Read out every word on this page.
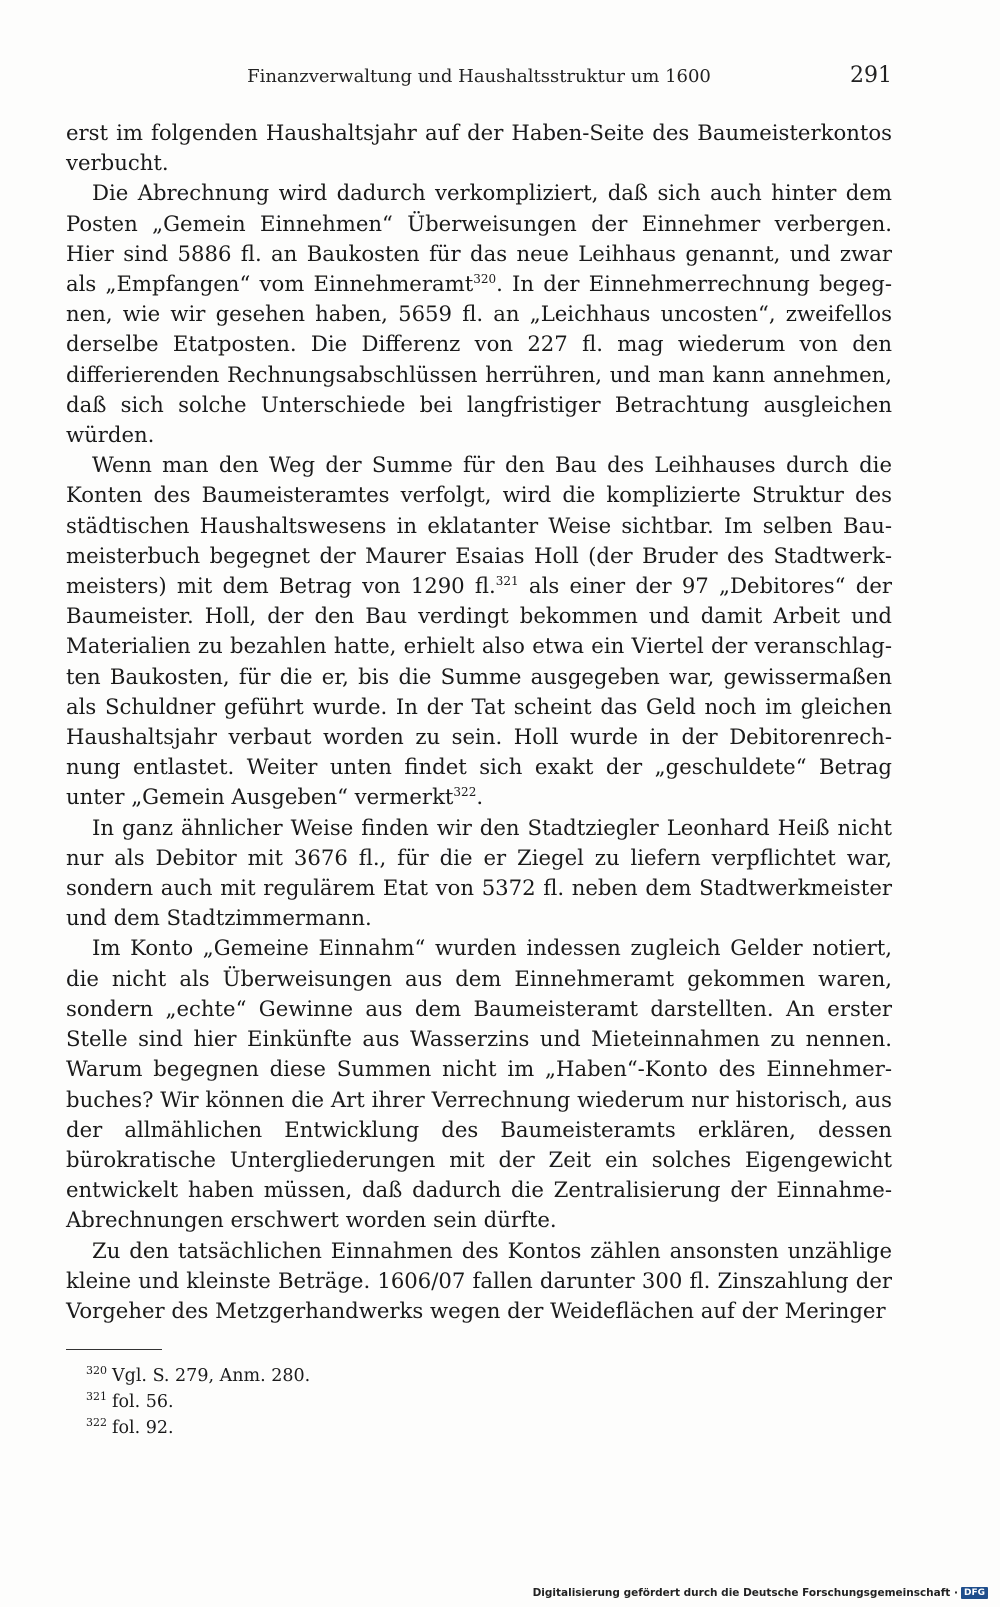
Finanzverwaltung und Haushaltsstruktur um 1600	291

erst im folgenden Haushaltsjahr auf der Haben-Seite des Baumeisterkontos verbucht.

Die Abrechnung wird dadurch verkompliziert, daß sich auch hinter dem Posten „Gemein Einnehmen“ Überweisungen der Einnehmer verbergen. Hier sind 5886 fl. an Baukosten für das neue Leihhaus genannt, und zwar als „Empfangen“ vom Einnehmeramt$^{320}$. In der Einnehmerrechnung begegnen, wie wir gesehen haben, 5659 fl. an „Leichhaus uncosten“, zweifellos derselbe Etatposten. Die Differenz von 227 fl. mag wiederum von den differierenden Rechnungsabschlüssen herrühren, und man kann annehmen, daß sich solche Unterschiede bei langfristiger Betrachtung ausgleichen würden.

Wenn man den Weg der Summe für den Bau des Leihhauses durch die Konten des Baumeisteramtes verfolgt, wird die komplizierte Struktur des städtischen Haushaltswesens in eklatanter Weise sichtbar. Im selben Baumeisterbuch begegnet der Maurer Esaias Holl (der Bruder des Stadtwerkmeisters) mit dem Betrag von 1290 fl.$^{321}$ als einer der 97 „Debitores“ der Baumeister. Holl, der den Bau verdingt bekommen und damit Arbeit und Materialien zu bezahlen hatte, erhielt also etwa ein Viertel der veranschlagten Baukosten, für die er, bis die Summe ausgegeben war, gewissermaßen als Schuldner geführt wurde. In der Tat scheint das Geld noch im gleichen Haushaltsjahr verbaut worden zu sein. Holl wurde in der Debitorenrechnung entlastet. Weiter unten findet sich exakt der „geschuldete“ Betrag unter „Gemein Ausgeben“ vermerkt$^{322}$.

In ganz ähnlicher Weise finden wir den Stadtziegler Leonhard Heiß nicht nur als Debitor mit 3676 fl., für die er Ziegel zu liefern verpflichtet war, sondern auch mit regulärem Etat von 5372 fl. neben dem Stadtwerkmeister und dem Stadtzimmermann.

Im Konto „Gemeine Einnahm“ wurden indessen zugleich Gelder notiert, die nicht als Überweisungen aus dem Einnehmeramt gekommen waren, sondern „echte“ Gewinne aus dem Baumeisteramt darstellten. An erster Stelle sind hier Einkünfte aus Wasserzins und Mieteinnahmen zu nennen. Warum begegnen diese Summen nicht im „Haben“-Konto des Einnehmerbuches? Wir können die Art ihrer Verrechnung wiederum nur historisch, aus der allmählichen Entwicklung des Baumeisteramts erklären, dessen bürokratische Untergliederungen mit der Zeit ein solches Eigengewicht entwickelt haben müssen, daß dadurch die Zentralisierung der Einnahme-Abrechnungen erschwert worden sein dürfte.

Zu den tatsächlichen Einnahmen des Kontos zählen ansonsten unzählige kleine und kleinste Beträge. 1606/07 fallen darunter 300 fl. Zinszahlung der Vorgeher des Metzgerhandwerks wegen der Weideflächen auf der Meringer

320 Vgl. S. 279, Anm. 280.
321 fol. 56.
322 fol. 92.
Digitalisierung gefördert durch die Deutsche Forschungsgemeinschaft · DFG
